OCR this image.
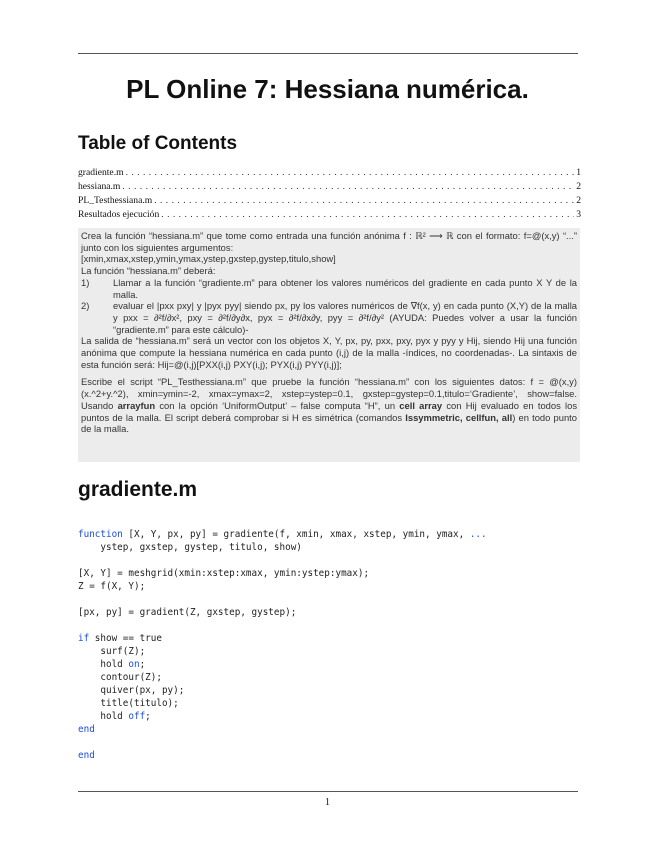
PL Online 7: Hessiana numérica.
Table of Contents
gradiente.m . . .	1
hessiana.m . . .	2
PL_Testhessiana.m . . .	2
Resultados ejecución . . .	3

Crea la función “hessiana.m” que tome como entrada una función anónima f : ℝ² ⟶ ℝ con el formato: f=@(x,y) “...” junto con los siguientes argumentos:

[xmin,xmax,xstep,ymin,ymax,ystep,gxstep,gystep,titulo,show]

La función “hessiana.m” deberá:

1)	Llamar a la función “gradiente.m” para obtener los valores numéricos del gradiente en cada punto X Y de la malla.
2)	evaluar el |pxx pxy| y |pyx pyy| siendo px, py los valores numéricos de ∇f(x, y) en cada punto (X,Y) de la malla y pxx = ∂²f/∂x², pxy = ∂²f/∂y∂x, pyx = ∂²f/∂x∂y, pyy = ∂²f/∂y² (AYUDA: Puedes volver a usar la función “gradiente.m” para este cálculo)-

La salida de “hessiana.m” será un vector con los objetos X, Y, px, py, pxx, pxy, pyx y pyy y Hij, siendo Hij una función anónima que compute la hessiana numérica en cada punto (i,j) de la malla -índices, no coordenadas-. La sintaxis de esta función será: Hij=@(i,j)[PXX(i,j) PXY(i,j); PYX(i,j) PYY(i,j)];

Escribe el script “PL_Testhessiana.m” que pruebe la función “hessiana.m” con los siguientes datos: f = @(x,y)(x.^2+y.^2), xmin=ymin=-2, xmax=ymax=2, xstep=ystep=0.1, gxstep=gystep=0.1,titulo=‘Gradiente’, show=false. Usando arrayfun con la opción ‘UniformOutput’ – false computa “H”, un cell array con Hij evaluado en todos los puntos de la malla. El script deberá comprobar si H es simétrica (comandos Issymmetric, cellfun, all) en todo punto de la malla.

gradiente.m
function [X, Y, px, py] = gradiente(f, xmin, xmax, xstep, ymin, ymax, ...
ystep, gxstep, gystep, titulo, show)

[X, Y] = meshgrid(xmin:xstep:xmax, ymin:ystep:ymax);
Z = f(X, Y);

[px, py] = gradient(Z, gxstep, gystep);

if show == true
surf(Z);
hold on;
contour(Z);
quiver(px, py);
title(titulo);
hold off;
end

end
1
